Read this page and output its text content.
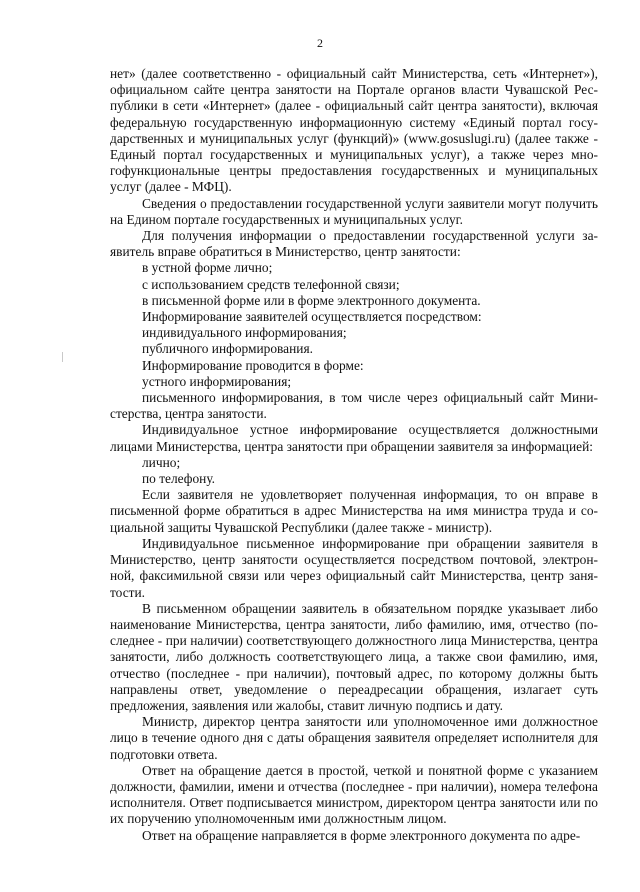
2

нет» (далее соответственно - официальный сайт Министерства, сеть «Интернет»), официальном сайте центра занятости на Портале органов власти Чувашской Республики в сети «Интернет» (далее - официальный сайт центра занятости), включая федеральную государственную информационную систему «Единый портал государственных и муниципальных услуг (функций)» (www.gosuslugi.ru) (далее также - Единый портал государственных и муниципальных услуг), а также через многофункциональные центры предоставления государственных и муниципальных услуг (далее - МФЦ).

Сведения о предоставлении государственной услуги заявители могут получить на Едином портале государственных и муниципальных услуг.

Для получения информации о предоставлении государственной услуги заявитель вправе обратиться в Министерство, центр занятости:

в устной форме лично;

с использованием средств телефонной связи;

в письменной форме или в форме электронного документа.

Информирование заявителей осуществляется посредством:

индивидуального информирования;

публичного информирования.

Информирование проводится в форме:

устного информирования;

письменного информирования, в том числе через официальный сайт Министерства, центра занятости.

Индивидуальное устное информирование осуществляется должностными лицами Министерства, центра занятости при обращении заявителя за информацией:

лично;

по телефону.

Если заявителя не удовлетворяет полученная информация, то он вправе в письменной форме обратиться в адрес Министерства на имя министра труда и социальной защиты Чувашской Республики (далее также - министр).

Индивидуальное письменное информирование при обращении заявителя в Министерство, центр занятости осуществляется посредством почтовой, электронной, факсимильной связи или через официальный сайт Министерства, центр занятости.

В письменном обращении заявитель в обязательном порядке указывает либо наименование Министерства, центра занятости, либо фамилию, имя, отчество (последнее - при наличии) соответствующего должностного лица Министерства, центра занятости, либо должность соответствующего лица, а также свои фамилию, имя, отчество (последнее - при наличии), почтовый адрес, по которому должны быть направлены ответ, уведомление о переадресации обращения, излагает суть предложения, заявления или жалобы, ставит личную подпись и дату.

Министр, директор центра занятости или уполномоченное ими должностное лицо в течение одного дня с даты обращения заявителя определяет исполнителя для подготовки ответа.

Ответ на обращение дается в простой, четкой и понятной форме с указанием должности, фамилии, имени и отчества (последнее - при наличии), номера телефона исполнителя. Ответ подписывается министром, директором центра занятости или по их поручению уполномоченным ими должностным лицом.

Ответ на обращение направляется в форме электронного документа по адре-
